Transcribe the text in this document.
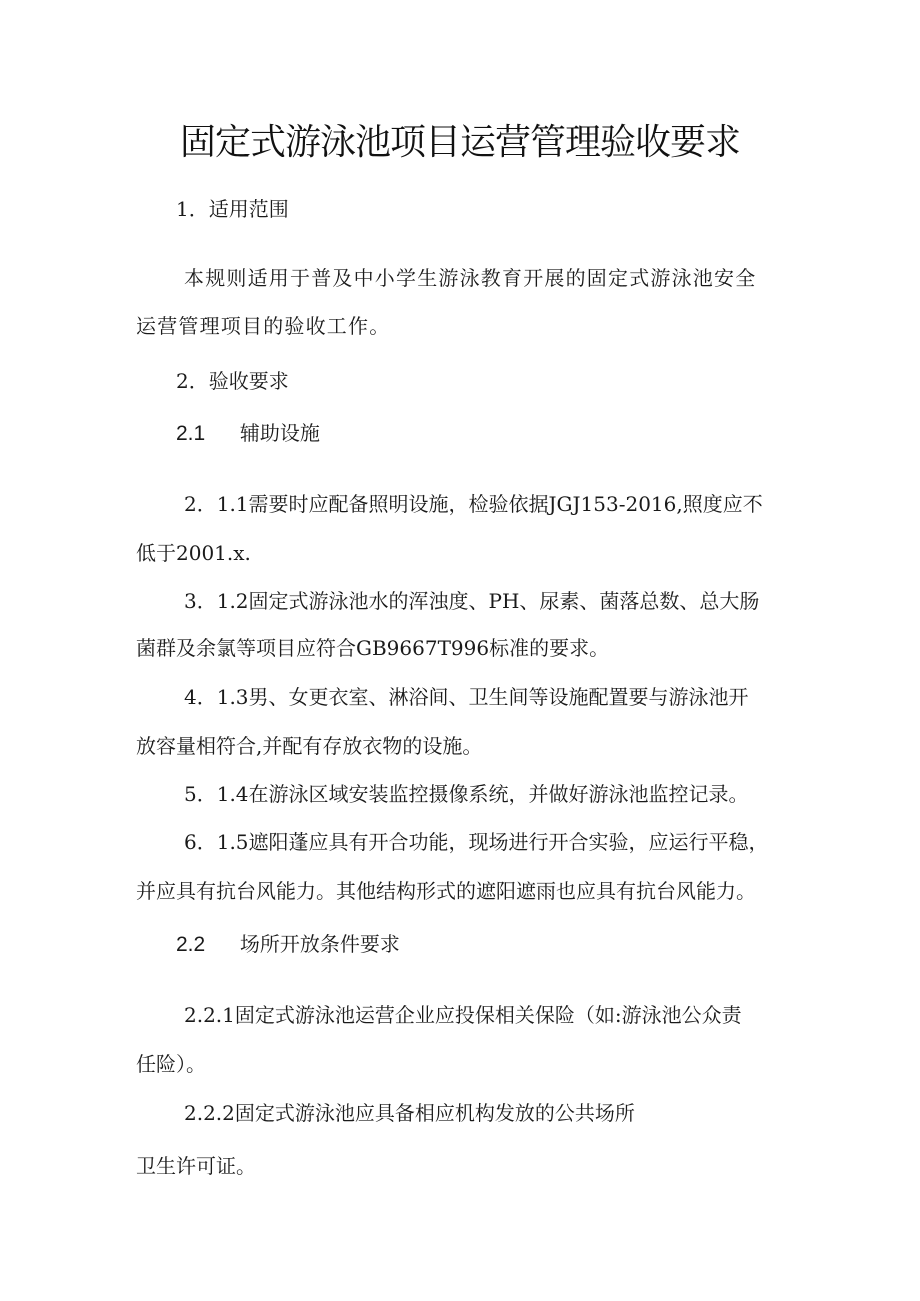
固定式游泳池项目运营管理验收要求
1．适用范围
本规则适用于普及中小学生游泳教育开展的固定式游泳池安全
运营管理项目的验收工作。
2．验收要求
2.1 辅助设施
2．1.1需要时应配备照明设施，检验依据JGJ153-2016,照度应不
低于2001.x.
3．1.2固定式游泳池水的浑浊度、PH、尿素、菌落总数、总大肠
菌群及余氯等项目应符合GB9667T996标准的要求。
4．1.3男、女更衣室、淋浴间、卫生间等设施配置要与游泳池开
放容量相符合,并配有存放衣物的设施。
5．1.4在游泳区域安装监控摄像系统，并做好游泳池监控记录。
6．1.5遮阳蓬应具有开合功能，现场进行开合实验，应运行平稳，
并应具有抗台风能力。其他结构形式的遮阳遮雨也应具有抗台风能力。
2.2 场所开放条件要求
2.2.1固定式游泳池运营企业应投保相关保险（如:游泳池公众责
任险）。
2.2.2固定式游泳池应具备相应机构发放的公共场所
卫生许可证。
